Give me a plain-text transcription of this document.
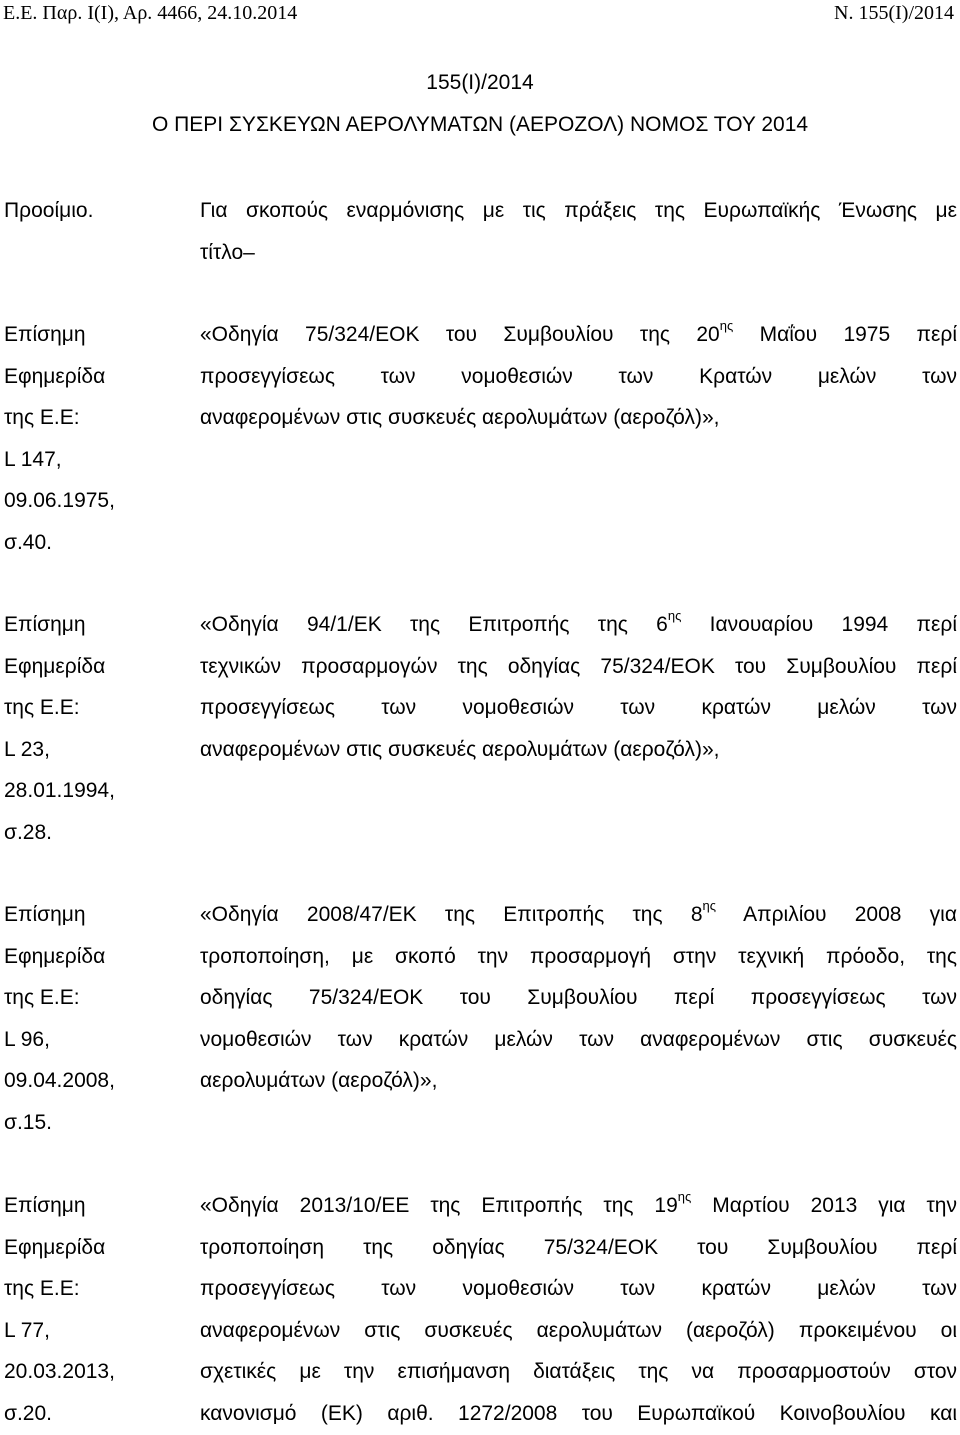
Ε.Ε. Παρ. Ι(Ι), Αρ. 4466, 24.10.2014	Ν. 155(Ι)/2014
155(Ι)/2014
Ο ΠΕΡΙ ΣΥΣΚΕΥΩΝ ΑΕΡΟΛΥΜΑΤΩΝ (ΑΕΡΟΖΟΛ) ΝΟΜΟΣ ΤΟΥ 2014
Προοίμιο.	Για σκοπούς εναρμόνισης με τις πράξεις της Ευρωπαϊκής Ένωσης με
τίτλο–
Επίσημη
Εφημερίδα
της Ε.Ε:
L 147,
09.06.1975,
σ.40.
«Οδηγία 75/324/ΕΟΚ του Συμβουλίου της $20^{\eta\varsigma}$ Μαΐου 1975 περί
προσεγγίσεως των νομοθεσιών των Κρατών μελών των
αναφερομένων στις συσκευές αερολυμάτων (αεροζόλ)»,
Επίσημη
Εφημερίδα
της Ε.Ε:
L 23,
28.01.1994,
σ.28.
«Οδηγία 94/1/ΕΚ της Επιτροπής της $6^{\eta\varsigma}$ Ιανουαρίου 1994 περί
τεχνικών προσαρμογών της οδηγίας 75/324/ΕΟΚ του Συμβουλίου περί
προσεγγίσεως των νομοθεσιών των κρατών μελών των
αναφερομένων στις συσκευές αερολυμάτων (αεροζόλ)»,
Επίσημη
Εφημερίδα
της Ε.Ε:
L 96,
09.04.2008,
σ.15.
«Οδηγία 2008/47/ΕΚ της Επιτροπής της $8^{\eta\varsigma}$ Απριλίου 2008 για
τροποποίηση, με σκοπό την προσαρμογή στην τεχνική πρόοδο, της
οδηγίας 75/324/ΕΟΚ του Συμβουλίου περί προσεγγίσεως των
νομοθεσιών των κρατών μελών των αναφερομένων στις συσκευές
αερολυμάτων (αεροζόλ)»,
Επίσημη
Εφημερίδα
της Ε.Ε:
L 77,
20.03.2013,
σ.20.
«Οδηγία 2013/10/ΕΕ της Επιτροπής της $19^{\eta\varsigma}$ Μαρτίου 2013 για την
τροποποίηση της οδηγίας 75/324/ΕΟΚ του Συμβουλίου περί
προσεγγίσεως των νομοθεσιών των κρατών μελών των
αναφερομένων στις συσκευές αερολυμάτων (αεροζόλ) προκειμένου οι
σχετικές με την επισήμανση διατάξεις της να προσαρμοστούν στον
κανονισμό (ΕΚ) αριθ. 1272/2008 του Ευρωπαϊκού Κοινοβουλίου και
